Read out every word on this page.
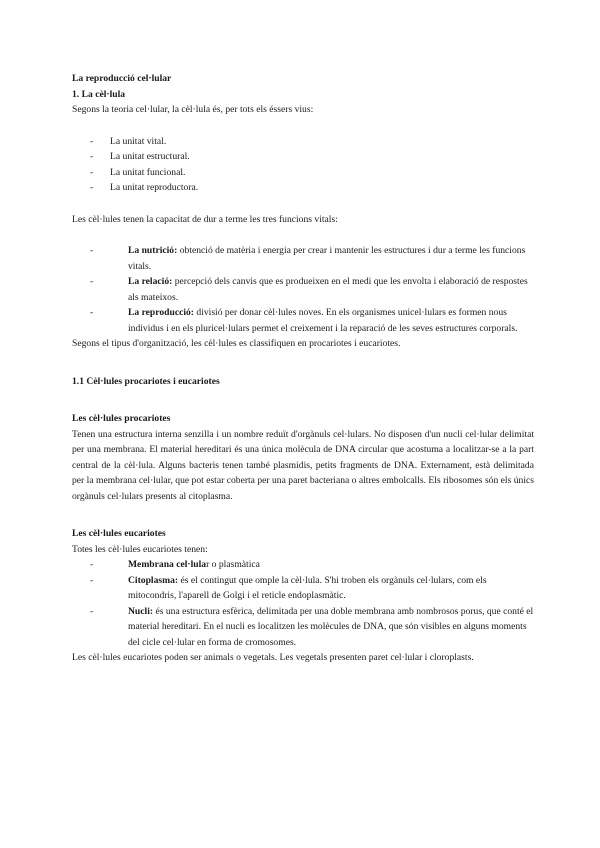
La reproducció cel·lular

1. La cèl·lula

Segons la teoria cel·lular, la cèl·lula és, per tots els éssers vius:

-	La unitat vital.
-	La unitat estructural.
-	La unitat funcional.
-	La unitat reproductora.

Les cèl·lules tenen la capacitat de dur a terme les tres funcions vitals:

-	La nutrició: obtenció de matèria i energia per crear i mantenir les estructures i dur a terme les funcions vitals.
-	La relació: percepció dels canvis que es produeixen en el medi que les envolta i elaboració de respostes als mateixos.
-	La reproducció: divisió per donar cèl·lules noves. En els organismes unicel·lulars es formen nous individus i en els pluricel·lulars permet el creixement i la reparació de les seves estructures corporals.

Segons el tipus d'organització, les cèl·lules es classifiquen en procariotes i eucariotes.

1.1 Cèl·lules procariotes i eucariotes

Les cèl·lules procariotes

Tenen una estructura interna senzilla i un nombre reduït d'orgànuls cel·lulars. No disposen d'un nucli cel·lular delimitat per una membrana. El material hereditari és una única molècula de DNA circular que acostuma a localitzar-se a la part central de la cèl·lula. Alguns bacteris tenen també plasmidis, petits fragments de DNA. Externament, està delimitada per la membrana cel·lular, que pot estar coberta per una paret bacteriana o altres embolcalls. Els ribosomes són els únics orgànuls cel·lulars presents al citoplasma.

Les cèl·lules eucariotes

Totes les cèl·lules eucariotes tenen:

-	Membrana cel·lular o plasmàtica
-	Citoplasma: és el contingut que omple la cèl·lula. S'hi troben els orgànuls cel·lulars, com els mitocondris, l'aparell de Golgi i el reticle endoplasmàtic.
-	Nucli: és una estructura esfèrica, delimitada per una doble membrana amb nombrosos porus, que conté el material hereditari. En el nucli es localitzen les molècules de DNA, que són visibles en alguns moments del cicle cel·lular en forma de cromosomes.

Les cèl·lules eucariotes poden ser animals o vegetals. Les vegetals presenten paret cel·lular i cloroplasts.
